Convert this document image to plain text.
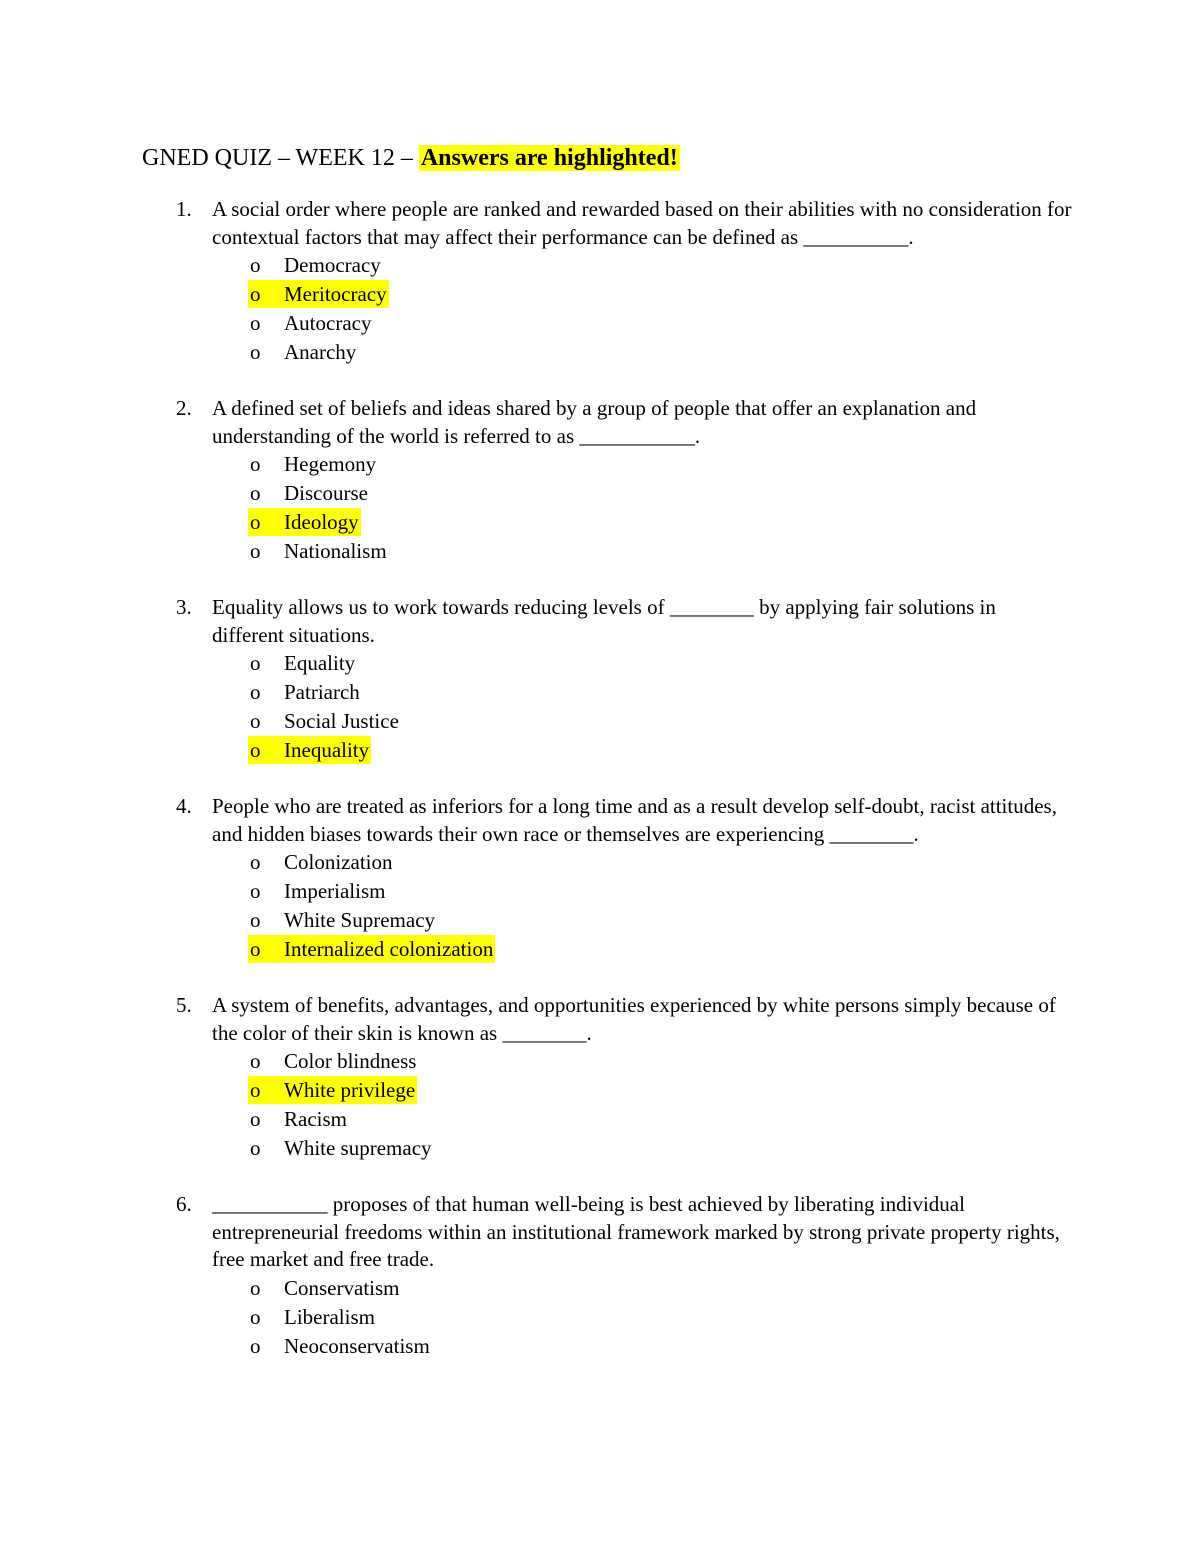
GNED QUIZ – WEEK 12 – Answers are highlighted!
1. A social order where people are ranked and rewarded based on their abilities with no consideration for contextual factors that may affect their performance can be defined as __________.
o Democracy
o Meritocracy
o Autocracy
o Anarchy
2. A defined set of beliefs and ideas shared by a group of people that offer an explanation and understanding of the world is referred to as ___________.
o Hegemony
o Discourse
o Ideology
o Nationalism
3. Equality allows us to work towards reducing levels of ________ by applying fair solutions in different situations.
o Equality
o Patriarch
o Social Justice
o Inequality
4. People who are treated as inferiors for a long time and as a result develop self-doubt, racist attitudes, and hidden biases towards their own race or themselves are experiencing ________.
o Colonization
o Imperialism
o White Supremacy
o Internalized colonization
5. A system of benefits, advantages, and opportunities experienced by white persons simply because of the color of their skin is known as ________.
o Color blindness
o White privilege
o Racism
o White supremacy
6. ___________ proposes of that human well-being is best achieved by liberating individual entrepreneurial freedoms within an institutional framework marked by strong private property rights, free market and free trade.
o Conservatism
o Liberalism
o Neoconservatism
